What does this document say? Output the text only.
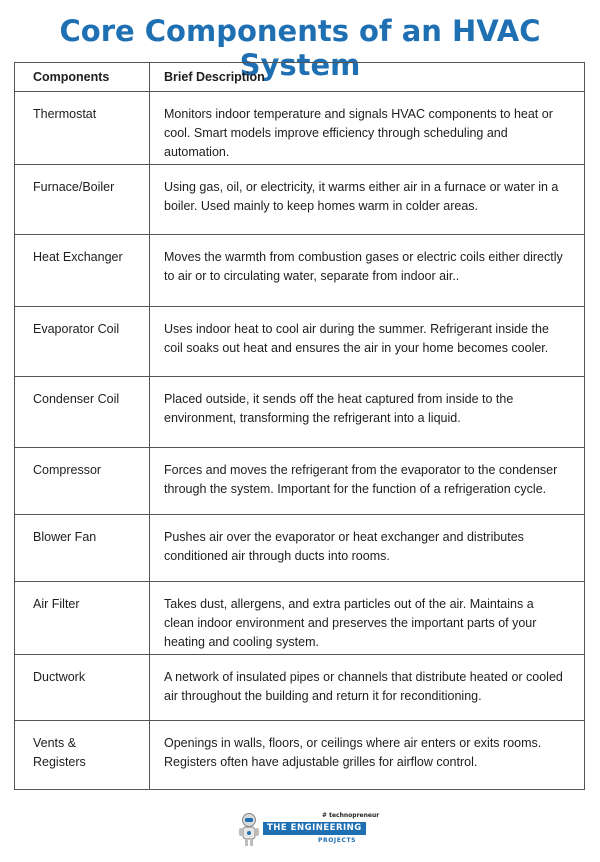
Core Components of an HVAC System
Components	Brief Description
Thermostat	Monitors indoor temperature and signals HVAC components to heat or cool. Smart models improve efficiency through scheduling and automation.
Furnace/Boiler	Using gas, oil, or electricity, it warms either air in a furnace or water in a boiler. Used mainly to keep homes warm in colder areas.
Heat Exchanger	Moves the warmth from combustion gases or electric coils either directly to air or to circulating water, separate from indoor air..
Evaporator Coil	Uses indoor heat to cool air during the summer. Refrigerant inside the coil soaks out heat and ensures the air in your home becomes cooler.
Condenser Coil	Placed outside, it sends off the heat captured from inside to the environment, transforming the refrigerant into a liquid.
Compressor	Forces and moves the refrigerant from the evaporator to the condenser through the system. Important for the function of a refrigeration cycle.
Blower Fan	Pushes air over the evaporator or heat exchanger and distributes conditioned air through ducts into rooms.
Air Filter	Takes dust, allergens, and extra particles out of the air. Maintains a clean indoor environment and preserves the important parts of your heating and cooling system.
Ductwork	A network of insulated pipes or channels that distribute heated or cooled air throughout the building and return it for reconditioning.
Vents & Registers	Openings in walls, floors, or ceilings where air enters or exits rooms. Registers often have adjustable grilles for airflow control.
# technopreneur
THE ENGINEERING
PROJECTS
